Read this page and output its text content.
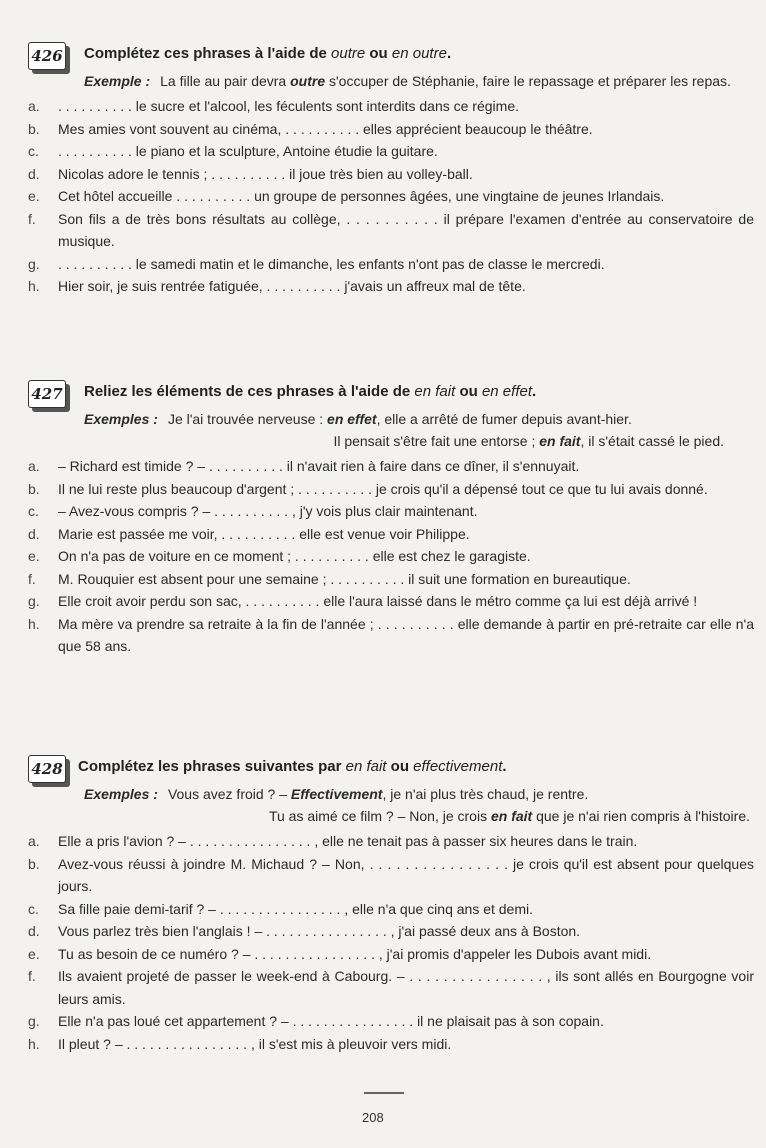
426 Complétez ces phrases à l'aide de outre ou en outre.
Exemple : La fille au pair devra outre s'occuper de Stéphanie, faire le repassage et préparer les repas.
a.	. . . . . . . . . . le sucre et l'alcool, les féculents sont interdits dans ce régime.
b.	Mes amies vont souvent au cinéma, . . . . . . . . . . elles apprécient beaucoup le théâtre.
c.	. . . . . . . . . . le piano et la sculpture, Antoine étudie la guitare.
d.	Nicolas adore le tennis ; . . . . . . . . . . il joue très bien au volley-ball.
e.	Cet hôtel accueille . . . . . . . . . . un groupe de personnes âgées, une vingtaine de jeunes Irlandais.
f.	Son fils a de très bons résultats au collège, . . . . . . . . . . il prépare l'examen d'entrée au conservatoire de musique.
g.	. . . . . . . . . . le samedi matin et le dimanche, les enfants n'ont pas de classe le mercredi.
h.	Hier soir, je suis rentrée fatiguée, . . . . . . . . . . j'avais un affreux mal de tête.
427 Reliez les éléments de ces phrases à l'aide de en fait ou en effet.
Exemples : Je l'ai trouvée nerveuse : en effet, elle a arrêté de fumer depuis avant-hier.
Il pensait s'être fait une entorse ; en fait, il s'était cassé le pied.
a.	– Richard est timide ? – . . . . . . . . . . il n'avait rien à faire dans ce dîner, il s'ennuyait.
b.	Il ne lui reste plus beaucoup d'argent ; . . . . . . . . . . je crois qu'il a dépensé tout ce que tu lui avais donné.
c.	– Avez-vous compris ? – . . . . . . . . . . , j'y vois plus clair maintenant.
d.	Marie est passée me voir, . . . . . . . . . . elle est venue voir Philippe.
e.	On n'a pas de voiture en ce moment ; . . . . . . . . . . elle est chez le garagiste.
f.	M. Rouquier est absent pour une semaine ; . . . . . . . . . . il suit une formation en bureautique.
g.	Elle croit avoir perdu son sac, . . . . . . . . . . elle l'aura laissé dans le métro comme ça lui est déjà arrivé !
h.	Ma mère va prendre sa retraite à la fin de l'année ; . . . . . . . . . . elle demande à partir en pré-retraite car elle n'a que 58 ans.
428 Complétez les phrases suivantes par en fait ou effectivement.
Exemples : Vous avez froid ? – Effectivement, je n'ai plus très chaud, je rentre.
Tu as aimé ce film ? – Non, je crois en fait que je n'ai rien compris à l'histoire.
a.	Elle a pris l'avion ? – . . . . . . . . . . . . . . . . , elle ne tenait pas à passer six heures dans le train.
b.	Avez-vous réussi à joindre M. Michaud ? – Non, . . . . . . . . . . . . . . . . je crois qu'il est absent pour quelques jours.
c.	Sa fille paie demi-tarif ? – . . . . . . . . . . . . . . . . , elle n'a que cinq ans et demi.
d.	Vous parlez très bien l'anglais ! – . . . . . . . . . . . . . . . . , j'ai passé deux ans à Boston.
e.	Tu as besoin de ce numéro ? – . . . . . . . . . . . . . . . . , j'ai promis d'appeler les Dubois avant midi.
f.	Ils avaient projeté de passer le week-end à Cabourg. – . . . . . . . . . . . . . . . . , ils sont allés en Bourgogne voir leurs amis.
g.	Elle n'a pas loué cet appartement ? – . . . . . . . . . . . . . . . . il ne plaisait pas à son copain.
h.	Il pleut ? – . . . . . . . . . . . . . . . . , il s'est mis à pleuvoir vers midi.
208
